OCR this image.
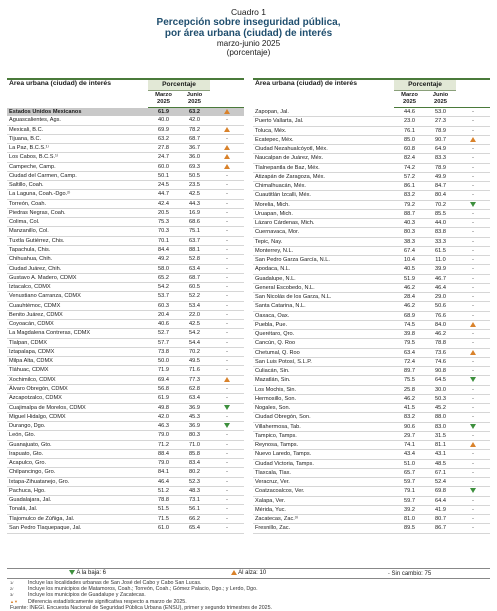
Cuadro 1
Percepción sobre inseguridad pública,
por área urbana (ciudad) de interés
marzo-junio 2025
(porcentaje)
Área urbana (ciudad) de interés	Porcentaje		
	Marzo 2025	Junio 2025	
Estados Unidos Mexicanos	61.9	63.2	
Aguascalientes, Ags.	40.0	42.0	-
Mexicali, B.C.	69.9	78.2	
Tijuana, B.C.	63.2	68.7	-
La Paz, B.C.S.¹⁾	27.8	36.7	
Los Cabos, B.C.S.¹⁾	24.7	36.0	
Campeche, Camp.	60.0	69.3	
Ciudad del Carmen, Camp.	50.1	50.5	-
Saltillo, Coah.	24.5	23.5	-
La Laguna, Coah.-Dgo.²⁾	44.7	42.5	-
Torreón, Coah.	42.4	44.3	-
Piedras Negras, Coah.	20.5	16.9	-
Colima, Col.	75.3	68.6	-
Manzanillo, Col.	70.3	75.1	-
Tuxtla Gutiérrez, Chis.	70.1	63.7	-
Tapachula, Chis.	84.4	88.1	-
Chihuahua, Chih.	49.2	52.8	-
Ciudad Juárez, Chih.	58.0	63.4	-
Gustavo A. Madero, CDMX	65.2	68.7	-
Iztacalco, CDMX	54.2	60.5	-
Venustiano Carranza, CDMX	53.7	52.2	-
Cuauhtémoc, CDMX	60.3	53.4	-
Benito Juárez, CDMX	20.4	22.0	-
Coyoacán, CDMX	40.6	42.5	-
La Magdalena Contreras, CDMX	52.7	54.2	-
Tlalpan, CDMX	57.7	54.4	-
Iztapalapa, CDMX	73.8	70.2	-
Milpa Alta, CDMX	50.0	49.5	-
Tláhuac, CDMX	71.9	71.6	-
Xochimilco, CDMX	69.4	77.3	
Álvaro Obregón, CDMX	56.8	62.8	-
Azcapotzalco, CDMX	61.9	63.4	-
Cuajimalpa de Morelos, CDMX	49.8	36.9	
Miguel Hidalgo, CDMX	42.0	45.3	-
Durango, Dgo.	46.3	36.9	
León, Gto.	79.0	80.3	-
Guanajuato, Gto.	71.2	71.0	-
Irapuato, Gto.	88.4	85.8	-
Acapulco, Gro.	79.0	83.4	-
Chilpancingo, Gro.	84.1	80.2	-
Ixtapa-Zihuatanejo, Gro.	46.4	52.3	-
Pachuca, Hgo.	51.2	48.3	-
Guadalajara, Jal.	78.8	73.1	-
Tonalá, Jal.	51.5	56.1	-
Tlajomulco de Zúñiga, Jal.	71.5	66.2	-
San Pedro Tlaquepaque, Jal.	61.0	65.4	-
Área urbana (ciudad) de interés	Porcentaje		
	Marzo 2025	Junio 2025	
Zapopan, Jal.	44.6	53.0	-
Puerto Vallarta, Jal.	23.0	27.3	-
Toluca, Méx.	76.1	78.9	-
Ecatepec, Méx.	85.0	90.7	
Ciudad Nezahualcóyotl, Méx.	60.8	64.9	-
Naucalpan de Juárez, Méx.	82.4	83.3	-
Tlalnepantla de Baz, Méx.	74.2	78.9	-
Atizapán de Zaragoza, Méx.	57.2	49.9	-
Chimalhuacán, Méx.	86.1	84.7	-
Cuautitlán Izcalli, Méx.	83.2	80.4	-
Morelia, Mich.	79.2	70.2	
Uruapan, Mich.	88.7	85.5	-
Lázaro Cárdenas, Mich.	40.3	44.0	-
Cuernavaca, Mor.	80.3	83.8	-
Tepic, Nay.	38.3	33.3	-
Monterrey, N.L.	67.4	61.5	-
San Pedro Garza García, N.L.	10.4	11.0	-
Apodaca, N.L.	40.5	39.9	-
Guadalupe, N.L.	51.9	46.7	-
General Escobedo, N.L.	46.2	46.4	-
San Nicolás de los Garza, N.L.	28.4	29.0	-
Santa Catarina, N.L.	46.2	50.6	-
Oaxaca, Oax.	68.9	76.6	-
Puebla, Pue.	74.5	84.0	
Querétaro, Qro.	39.8	46.2	-
Cancún, Q. Roo	79.5	78.8	-
Chetumal, Q. Roo	63.4	73.6	
San Luis Potosí, S.L.P.	72.4	74.6	-
Culiacán, Sin.	89.7	90.8	-
Mazatlán, Sin.	75.5	64.5	
Los Mochis, Sin.	25.8	30.0	-
Hermosillo, Son.	46.2	50.3	-
Nogales, Son.	41.5	45.2	-
Ciudad Obregón, Son.	83.2	88.0	-
Villahermosa, Tab.	90.6	83.0	
Tampico, Tamps.	29.7	31.5	-
Reynosa, Tamps.	74.1	81.1	
Nuevo Laredo, Tamps.	43.4	43.1	-
Ciudad Victoria, Tamps.	51.0	48.5	-
Tlaxcala, Tlax.	65.7	67.1	-
Veracruz, Ver.	59.7	52.4	-
Coatzacoalcos, Ver.	79.1	69.8	
Xalapa, Ver.	59.7	64.4	-
Mérida, Yuc.	39.2	41.9	-
Zacatecas, Zac.³⁾	81.0	80.7	-
Fresnillo, Zac.	89.5	86.7	-
A la baja: 6	Al alza: 10	- Sin cambio: 75
1/	Incluye las localidades urbanas de San José del Cabo y Cabo San Lucas.
2/	Incluye los municipios de Matamoros, Coah.; Torreón, Coah.; Gómez Palacio, Dgo.; y Lerdo, Dgo.
3/	Incluye los municipios de Guadalupe y Zacatecas.
▲▼	Diferencia estadísticamente significativa respecto a marzo de 2025.
Fuente: INEGI. Encuesta Nacional de Seguridad Pública Urbana (ENSU), primer y segundo trimestres de 2025.
